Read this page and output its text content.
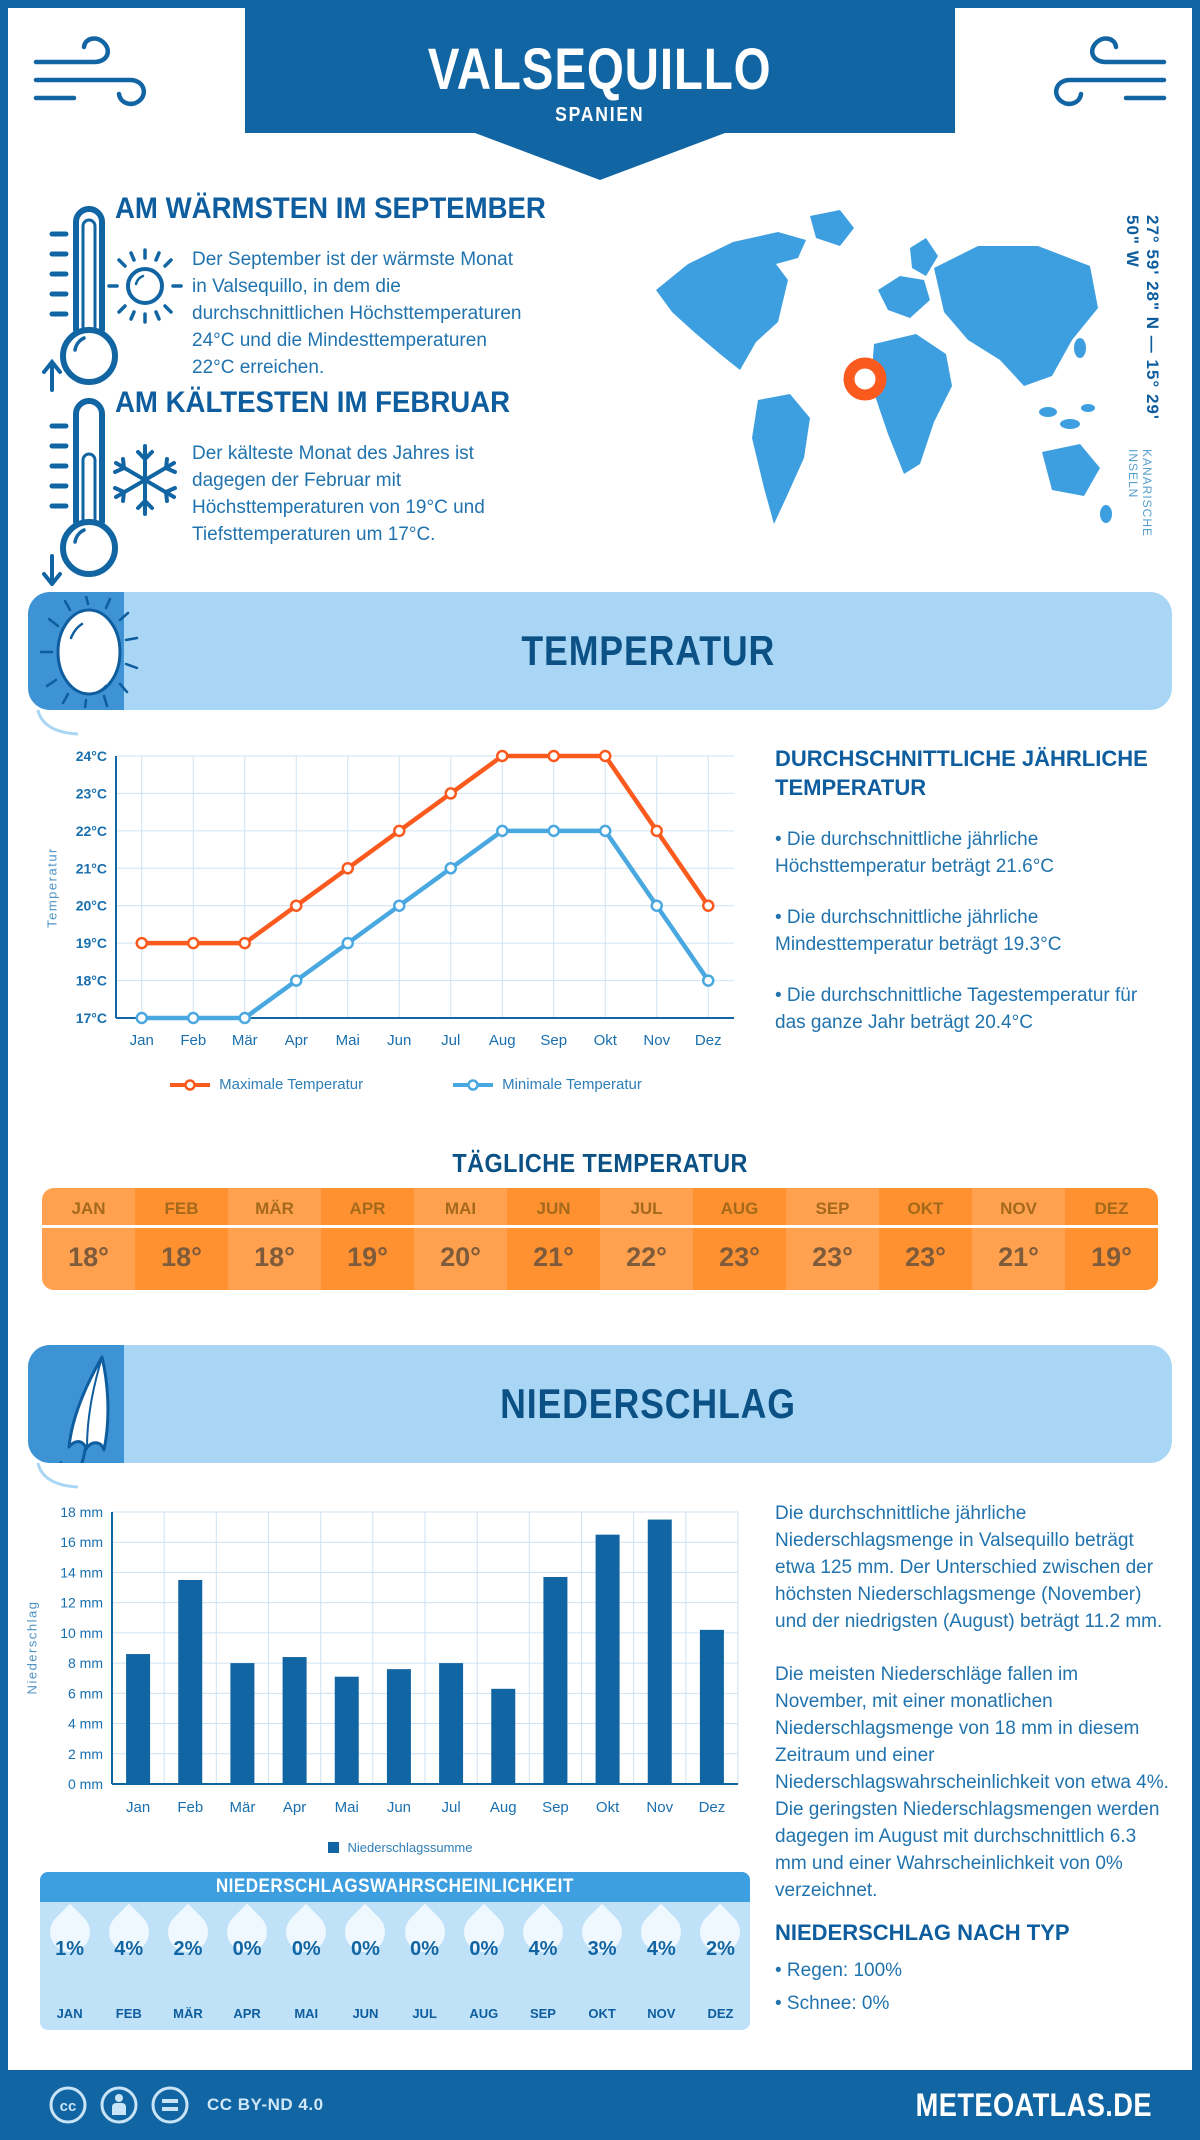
VALSEQUILLO
SPANIEN
AM WÄRMSTEN IM SEPTEMBER
Der September ist der wärmste Monat in Valsequillo, in dem die durchschnittlichen Höchsttemperaturen 24°C und die Mindesttemperaturen 22°C erreichen.
AM KÄLTESTEN IM FEBRUAR
Der kälteste Monat des Jahres ist dagegen der Februar mit Höchsttemperaturen von 19°C und Tiefsttemperaturen um 17°C.
27° 59' 28" N — 15° 29' 50" W
KANARISCHE INSELN
TEMPERATUR
Temperatur
17°C
18°C
19°C
20°C
21°C
22°C
23°C
24°C
Jan Feb Mär Apr Mai Jun Jul Aug Sep Okt Nov Dez
Maximale Temperatur	Minimale Temperatur
DURCHSCHNITTLICHE JÄHRLICHE TEMPERATUR

• Die durchschnittliche jährliche Höchsttemperatur beträgt 21.6°C

• Die durchschnittliche jährliche Mindesttemperatur beträgt 19.3°C

• Die durchschnittliche Tagestemperatur für das ganze Jahr beträgt 20.4°C

TÄGLICHE TEMPERATUR
JAN
18°
FEB
18°
MÄR
18°
APR
19°
MAI
20°
JUN
21°
JUL
22°
AUG
23°
SEP
23°
OKT
23°
NOV
21°
DEZ
19°
NIEDERSCHLAG
Niederschlag
0 mm
2 mm
4 mm
6 mm
8 mm
10 mm
12 mm
14 mm
16 mm
18 mm
Jan Feb Mär Apr Mai Jun Jul Aug Sep Okt Nov Dez
Niederschlagssumme

Die durchschnittliche jährliche Niederschlagsmenge in Valsequillo beträgt etwa 125 mm. Der Unterschied zwischen der höchsten Niederschlagsmenge (November) und der niedrigsten (August) beträgt 11.2 mm.

Die meisten Niederschläge fallen im November, mit einer monatlichen Niederschlagsmenge von 18 mm in diesem Zeitraum und einer Niederschlagswahrscheinlichkeit von etwa 4%. Die geringsten Niederschlagsmengen werden dagegen im August mit durchschnittlich 6.3 mm und einer Wahrscheinlichkeit von 0% verzeichnet.

NIEDERSCHLAG NACH TYP

• Regen: 100%

• Schnee: 0%

NIEDERSCHLAGSWAHRSCHEINLICHKEIT
1%
JAN
4%
FEB
2%
MÄR
0%
APR
0%
MAI
0%
JUN
0%
JUL
0%
AUG
4%
SEP
3%
OKT
4%
NOV
2%
DEZ
cc	CC BY-ND 4.0	METEOATLAS.DE
